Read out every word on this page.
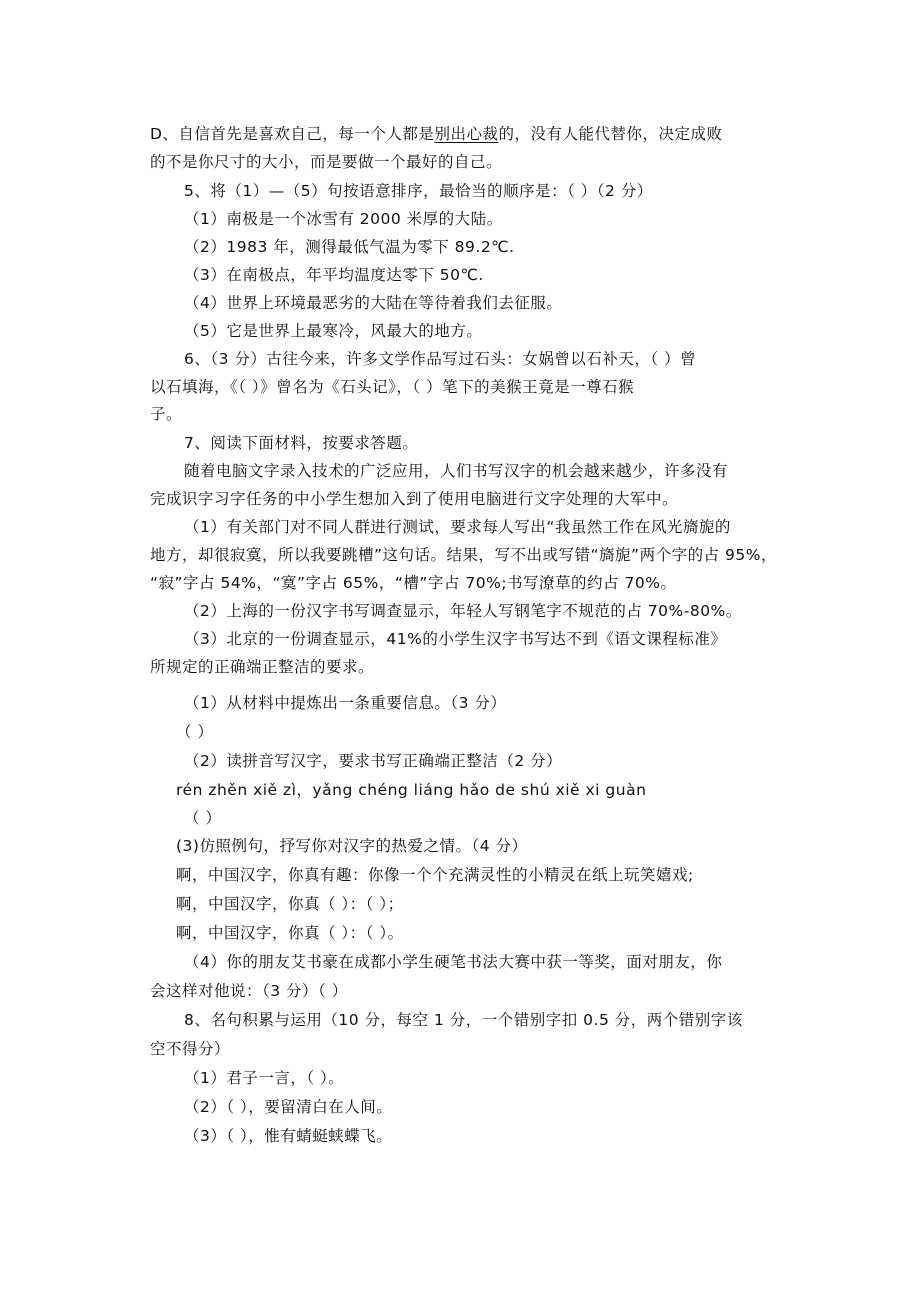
D、自信首先是喜欢自己，每一个人都是别出心裁的，没有人能代替你，决定成败
的不是你尺寸的大小，而是要做一个最好的自己。
5、将（1）—（5）句按语意排序，最恰当的顺序是：（ ）（2 分）
（1）南极是一个冰雪有 2000 米厚的大陆。
（2）1983 年，测得最低气温为零下 89.2℃.
（3）在南极点，年平均温度达零下 50℃.
（4）世界上环境最恶劣的大陆在等待着我们去征服。
（5）它是世界上最寒冷，风最大的地方。
6、（3 分）古往今来，许多文学作品写过石头：女娲曾以石补天，（ ）曾
以石填海，《（ ）》曾名为《石头记》，（ ）笔下的美猴王竟是一尊石猴
子。
7、阅读下面材料，按要求答题。
随着电脑文字录入技术的广泛应用，人们书写汉字的机会越来越少，许多没有
完成识字习字任务的中小学生想加入到了使用电脑进行文字处理的大军中。
（1）有关部门对不同人群进行测试，要求每人写出“我虽然工作在风光旖旎的
地方，却很寂寞，所以我要跳槽”这句话。结果，写不出或写错“旖旎”两个字的占 95%，
“寂”字占 54%，“寞”字占 65%，“槽”字占 70%;书写潦草的约占 70%。
（2）上海的一份汉字书写调查显示，年轻人写钢笔字不规范的占 70%-80%。
（3）北京的一份调查显示，41%的小学生汉字书写达不到《语文课程标准》
所规定的正确端正整洁的要求。
（1）从材料中提炼出一条重要信息。（3 分）
（ ）
（2）读拼音写汉字，要求书写正确端正整洁（2 分）
rén zhěn xiě zì，yǎng chéng liáng hǎo de shú xiě xi guàn
（ ）
(3)仿照例句，抒写你对汉字的热爱之情。（4 分）
啊，中国汉字，你真有趣：你像一个个充满灵性的小精灵在纸上玩笑嬉戏;
啊，中国汉字，你真（ ）：（ ）；
啊，中国汉字，你真（ ）：（ ）。
（4）你的朋友艾书豪在成都小学生硬笔书法大赛中获一等奖，面对朋友，你
会这样对他说：（3 分）（ ）
8、名句积累与运用（10 分，每空 1 分，一个错别字扣 0.5 分，两个错别字该
空不得分）
（1）君子一言，（ ）。
（2）（ ），要留清白在人间。
（3）（ ），惟有蜻蜓蛱蝶飞。
